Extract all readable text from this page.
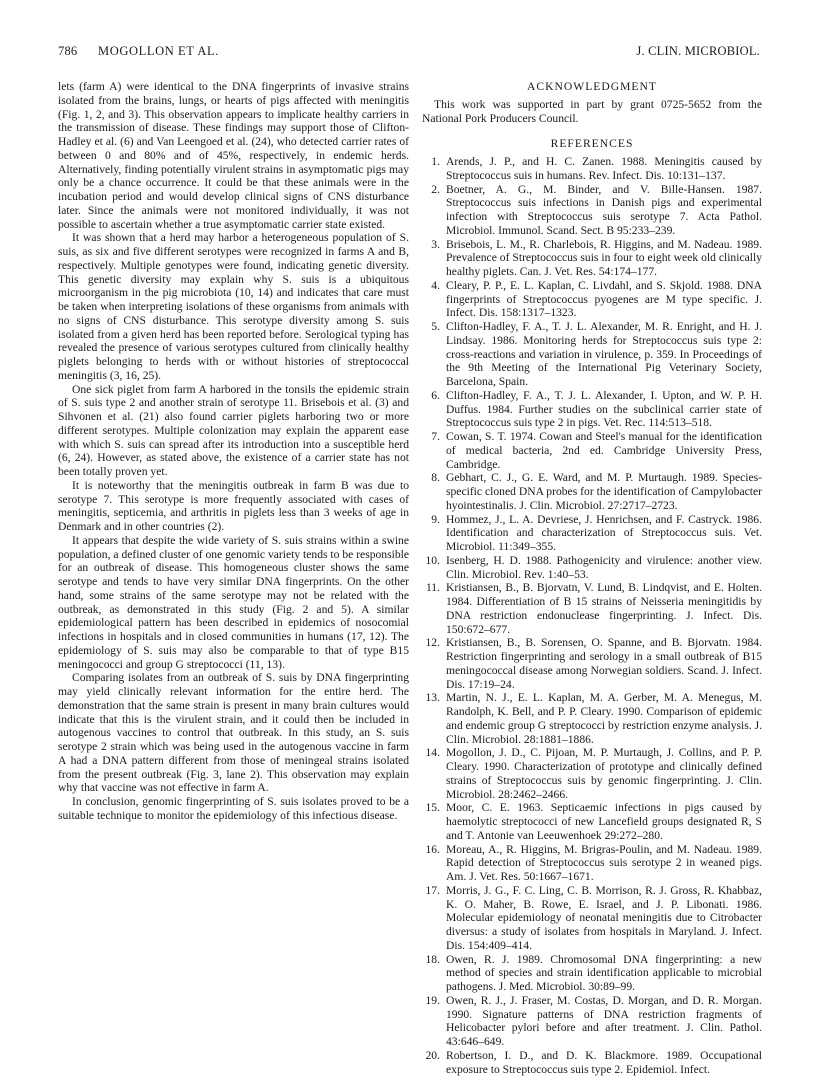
786 MOGOLLON ET AL.	J. CLIN. MICROBIOL.

lets (farm A) were identical to the DNA fingerprints of invasive strains isolated from the brains, lungs, or hearts of pigs affected with meningitis (Fig. 1, 2, and 3). This observation appears to implicate healthy carriers in the transmission of disease. These findings may support those of Clifton-Hadley et al. (6) and Van Leengoed et al. (24), who detected carrier rates of between 0 and 80% and of 45%, respectively, in endemic herds. Alternatively, finding potentially virulent strains in asymptomatic pigs may only be a chance occurrence. It could be that these animals were in the incubation period and would develop clinical signs of CNS disturbance later. Since the animals were not monitored individually, it was not possible to ascertain whether a true asymptomatic carrier state existed.

It was shown that a herd may harbor a heterogeneous population of S. suis, as six and five different serotypes were recognized in farms A and B, respectively. Multiple genotypes were found, indicating genetic diversity. This genetic diversity may explain why S. suis is a ubiquitous microorganism in the pig microbiota (10, 14) and indicates that care must be taken when interpreting isolations of these organisms from animals with no signs of CNS disturbance. This serotype diversity among S. suis isolated from a given herd has been reported before. Serological typing has revealed the presence of various serotypes cultured from clinically healthy piglets belonging to herds with or without histories of streptococcal meningitis (3, 16, 25).

One sick piglet from farm A harbored in the tonsils the epidemic strain of S. suis type 2 and another strain of serotype 11. Brisebois et al. (3) and Sihvonen et al. (21) also found carrier piglets harboring two or more different serotypes. Multiple colonization may explain the apparent ease with which S. suis can spread after its introduction into a susceptible herd (6, 24). However, as stated above, the existence of a carrier state has not been totally proven yet.

It is noteworthy that the meningitis outbreak in farm B was due to serotype 7. This serotype is more frequently associated with cases of meningitis, septicemia, and arthritis in piglets less than 3 weeks of age in Denmark and in other countries (2).

It appears that despite the wide variety of S. suis strains within a swine population, a defined cluster of one genomic variety tends to be responsible for an outbreak of disease. This homogeneous cluster shows the same serotype and tends to have very similar DNA fingerprints. On the other hand, some strains of the same serotype may not be related with the outbreak, as demonstrated in this study (Fig. 2 and 5). A similar epidemiological pattern has been described in epidemics of nosocomial infections in hospitals and in closed communities in humans (17, 12). The epidemiology of S. suis may also be comparable to that of type B15 meningococci and group G streptococci (11, 13).

Comparing isolates from an outbreak of S. suis by DNA fingerprinting may yield clinically relevant information for the entire herd. The demonstration that the same strain is present in many brain cultures would indicate that this is the virulent strain, and it could then be included in autogenous vaccines to control that outbreak. In this study, an S. suis serotype 2 strain which was being used in the autogenous vaccine in farm A had a DNA pattern different from those of meningeal strains isolated from the present outbreak (Fig. 3, lane 2). This observation may explain why that vaccine was not effective in farm A.

In conclusion, genomic fingerprinting of S. suis isolates proved to be a suitable technique to monitor the epidemiology of this infectious disease.

ACKNOWLEDGMENT

This work was supported in part by grant 0725-5652 from the National Pork Producers Council.

REFERENCES
1. Arends, J. P., and H. C. Zanen. 1988. Meningitis caused by Streptococcus suis in humans. Rev. Infect. Dis. 10:131–137.
2. Boetner, A. G., M. Binder, and V. Bille-Hansen. 1987. Streptococcus suis infections in Danish pigs and experimental infection with Streptococcus suis serotype 7. Acta Pathol. Microbiol. Immunol. Scand. Sect. B 95:233–239.
3. Brisebois, L. M., R. Charlebois, R. Higgins, and M. Nadeau. 1989. Prevalence of Streptococcus suis in four to eight week old clinically healthy piglets. Can. J. Vet. Res. 54:174–177.
4. Cleary, P. P., E. L. Kaplan, C. Livdahl, and S. Skjold. 1988. DNA fingerprints of Streptococcus pyogenes are M type specific. J. Infect. Dis. 158:1317–1323.
5. Clifton-Hadley, F. A., T. J. L. Alexander, M. R. Enright, and H. J. Lindsay. 1986. Monitoring herds for Streptococcus suis type 2: cross-reactions and variation in virulence, p. 359. In Proceedings of the 9th Meeting of the International Pig Veterinary Society, Barcelona, Spain.
6. Clifton-Hadley, F. A., T. J. L. Alexander, I. Upton, and W. P. H. Duffus. 1984. Further studies on the subclinical carrier state of Streptococcus suis type 2 in pigs. Vet. Rec. 114:513–518.
7. Cowan, S. T. 1974. Cowan and Steel's manual for the identification of medical bacteria, 2nd ed. Cambridge University Press, Cambridge.
8. Gebhart, C. J., G. E. Ward, and M. P. Murtaugh. 1989. Species-specific cloned DNA probes for the identification of Campylobacter hyointestinalis. J. Clin. Microbiol. 27:2717–2723.
9. Hommez, J., L. A. Devriese, J. Henrichsen, and F. Castryck. 1986. Identification and characterization of Streptococcus suis. Vet. Microbiol. 11:349–355.
10. Isenberg, H. D. 1988. Pathogenicity and virulence: another view. Clin. Microbiol. Rev. 1:40–53.
11. Kristiansen, B., B. Bjorvatn, V. Lund, B. Lindqvist, and E. Holten. 1984. Differentiation of B 15 strains of Neisseria meningitidis by DNA restriction endonuclease fingerprinting. J. Infect. Dis. 150:672–677.
12. Kristiansen, B., B. Sorensen, O. Spanne, and B. Bjorvatn. 1984. Restriction fingerprinting and serology in a small outbreak of B15 meningococcal disease among Norwegian soldiers. Scand. J. Infect. Dis. 17:19–24.
13. Martin, N. J., E. L. Kaplan, M. A. Gerber, M. A. Menegus, M. Randolph, K. Bell, and P. P. Cleary. 1990. Comparison of epidemic and endemic group G streptococci by restriction enzyme analysis. J. Clin. Microbiol. 28:1881–1886.
14. Mogollon, J. D., C. Pijoan, M. P. Murtaugh, J. Collins, and P. P. Cleary. 1990. Characterization of prototype and clinically defined strains of Streptococcus suis by genomic fingerprinting. J. Clin. Microbiol. 28:2462–2466.
15. Moor, C. E. 1963. Septicaemic infections in pigs caused by haemolytic streptococci of new Lancefield groups designated R, S and T. Antonie van Leeuwenhoek 29:272–280.
16. Moreau, A., R. Higgins, M. Brigras-Poulin, and M. Nadeau. 1989. Rapid detection of Streptococcus suis serotype 2 in weaned pigs. Am. J. Vet. Res. 50:1667–1671.
17. Morris, J. G., F. C. Ling, C. B. Morrison, R. J. Gross, R. Khabbaz, K. O. Maher, B. Rowe, E. Israel, and J. P. Libonati. 1986. Molecular epidemiology of neonatal meningitis due to Citrobacter diversus: a study of isolates from hospitals in Maryland. J. Infect. Dis. 154:409–414.
18. Owen, R. J. 1989. Chromosomal DNA fingerprinting: a new method of species and strain identification applicable to microbial pathogens. J. Med. Microbiol. 30:89–99.
19. Owen, R. J., J. Fraser, M. Costas, D. Morgan, and D. R. Morgan. 1990. Signature patterns of DNA restriction fragments of Helicobacter pylori before and after treatment. J. Clin. Pathol. 43:646–649.
20. Robertson, I. D., and D. K. Blackmore. 1989. Occupational exposure to Streptococcus suis type 2. Epidemiol. Infect.
